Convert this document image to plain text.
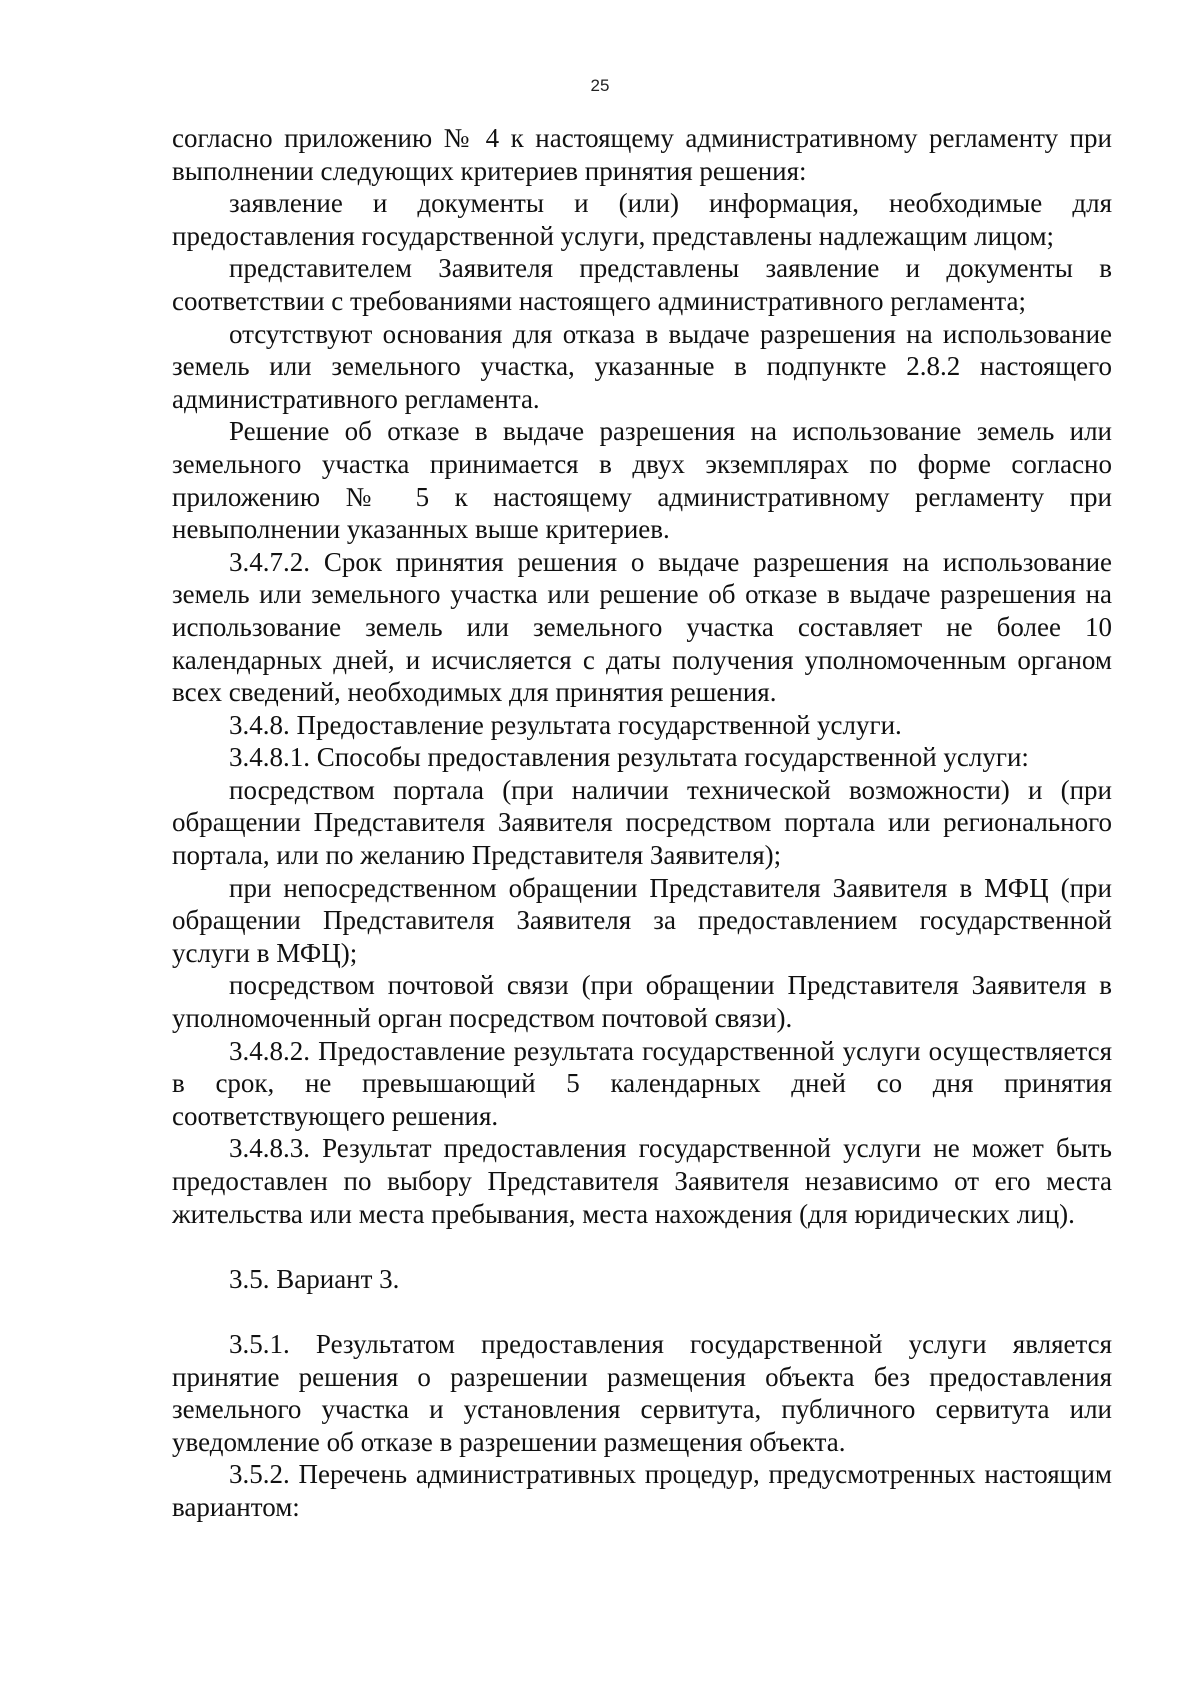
25

согласно приложению № 4 к настоящему административному регламенту при выполнении следующих критериев принятия решения:

заявление и документы и (или) информация, необходимые для предоставления государственной услуги, представлены надлежащим лицом;

представителем Заявителя представлены заявление и документы в соответствии с требованиями настоящего административного регламента;

отсутствуют основания для отказа в выдаче разрешения на использование земель или земельного участка, указанные в подпункте 2.8.2 настоящего административного регламента.

Решение об отказе в выдаче разрешения на использование земель или земельного участка принимается в двух экземплярах по форме согласно приложению № 5 к настоящему административному регламенту при невыполнении указанных выше критериев.

3.4.7.2. Срок принятия решения о выдаче разрешения на использование земель или земельного участка или решение об отказе в выдаче разрешения на использование земель или земельного участка составляет не более 10 календарных дней, и исчисляется с даты получения уполномоченным органом всех сведений, необходимых для принятия решения.

3.4.8. Предоставление результата государственной услуги.

3.4.8.1. Способы предоставления результата государственной услуги:

посредством портала (при наличии технической возможности) и (при обращении Представителя Заявителя посредством портала или регионального портала, или по желанию Представителя Заявителя);

при непосредственном обращении Представителя Заявителя в МФЦ (при обращении Представителя Заявителя за предоставлением государственной услуги в МФЦ);

посредством почтовой связи (при обращении Представителя Заявителя в уполномоченный орган посредством почтовой связи).

3.4.8.2. Предоставление результата государственной услуги осуществляется в срок, не превышающий 5 календарных дней со дня принятия соответствующего решения.

3.4.8.3. Результат предоставления государственной услуги не может быть предоставлен по выбору Представителя Заявителя независимо от его места жительства или места пребывания, места нахождения (для юридических лиц).

3.5. Вариант 3.

3.5.1. Результатом предоставления государственной услуги является принятие решения о разрешении размещения объекта без предоставления земельного участка и установления сервитута, публичного сервитута или уведомление об отказе в разрешении размещения объекта.

3.5.2. Перечень административных процедур, предусмотренных настоящим вариантом:
